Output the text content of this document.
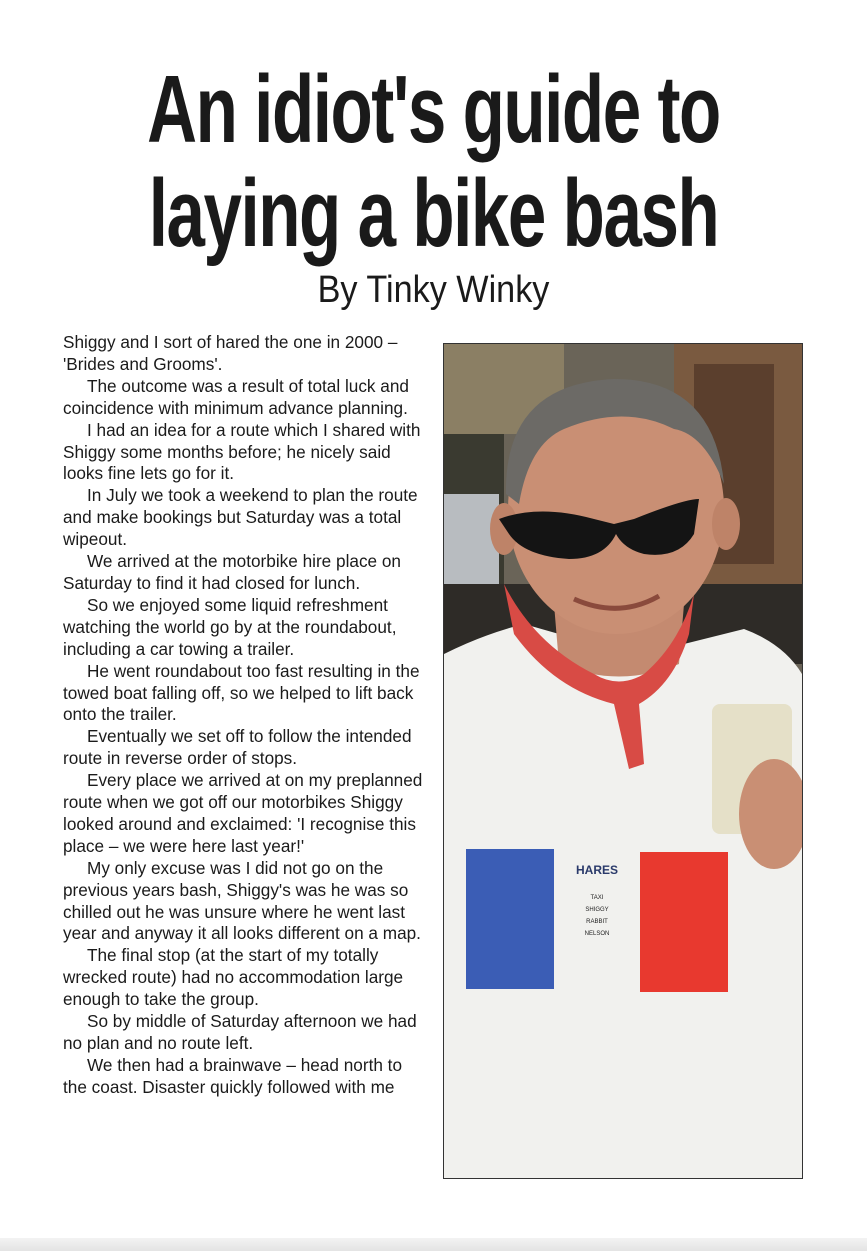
An idiot's guide to
laying a bike bash
By Tinky Winky

Shiggy and I sort of hared the one in 2000 – 'Brides and Grooms'.

The outcome was a result of total luck and coincidence with minimum advance planning.

I had an idea for a route which I shared with Shiggy some months before; he nicely said looks fine lets go for it.

In July we took a weekend to plan the route and make bookings but Saturday was a total wipeout.

We arrived at the motorbike hire place on Saturday to find it had closed for lunch.

So we enjoyed some liquid refreshment watching the world go by at the roundabout, including a car towing a trailer.

He went roundabout too fast resulting in the towed boat falling off, so we helped to lift back onto the trailer.

Eventually we set off to follow the intended route in reverse order of stops.

Every place we arrived at on my preplanned route when we got off our motorbikes Shiggy looked around and exclaimed: 'I recognise this place – we were here last year!'

My only excuse was I did not go on the previous years bash, Shiggy's was he was so chilled out he was unsure where he went last year and anyway it all looks different on a map.

The final stop (at the start of my totally wrecked route) had no accommodation large enough to take the group.

So by middle of Saturday afternoon we had no plan and no route left.

We then had a brainwave – head north to the coast. Disaster quickly followed with me

HARES
TAXI
SHIGGY
RABBIT
NELSON
